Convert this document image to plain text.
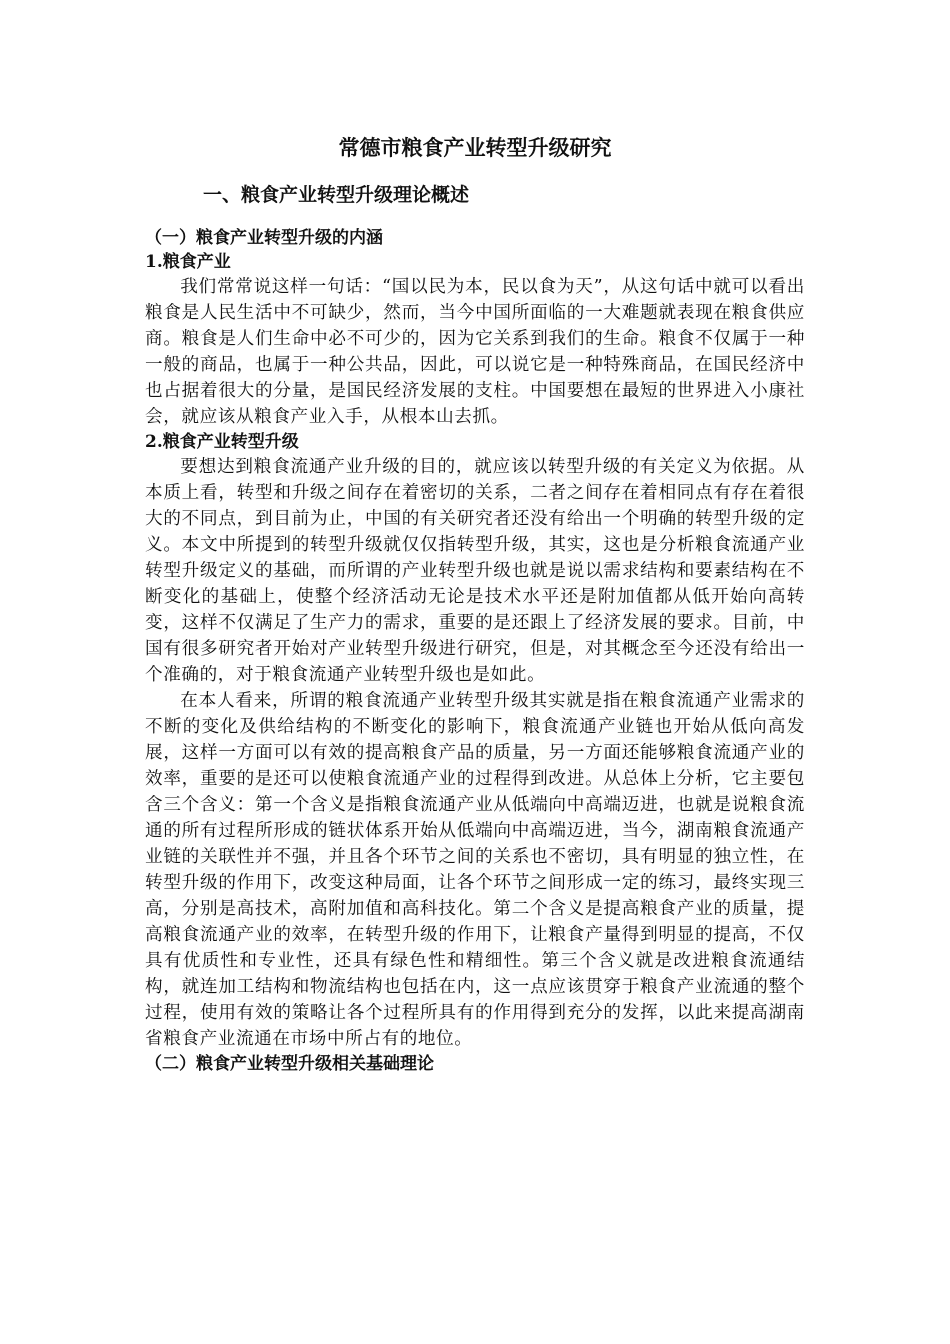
常德市粮食产业转型升级研究
一、粮食产业转型升级理论概述
（一）粮食产业转型升级的内涵
1.粮食产业

我们常常说这样一句话：“国以民为本，民以食为天”，从这句话中就可以看出粮食是人民生活中不可缺少，然而，当今中国所面临的一大难题就表现在粮食供应商。粮食是人们生命中必不可少的，因为它关系到我们的生命。粮食不仅属于一种一般的商品，也属于一种公共品，因此，可以说它是一种特殊商品，在国民经济中也占据着很大的分量，是国民经济发展的支柱。中国要想在最短的世界进入小康社会，就应该从粮食产业入手，从根本山去抓。

2.粮食产业转型升级

要想达到粮食流通产业升级的目的，就应该以转型升级的有关定义为依据。从本质上看，转型和升级之间存在着密切的关系，二者之间存在着相同点有存在着很大的不同点，到目前为止，中国的有关研究者还没有给出一个明确的转型升级的定义。本文中所提到的转型升级就仅仅指转型升级，其实，这也是分析粮食流通产业转型升级定义的基础，而所谓的产业转型升级也就是说以需求结构和要素结构在不断变化的基础上，使整个经济活动无论是技术水平还是附加值都从低开始向高转变，这样不仅满足了生产力的需求，重要的是还跟上了经济发展的要求。目前，中国有很多研究者开始对产业转型升级进行研究，但是，对其概念至今还没有给出一个准确的，对于粮食流通产业转型升级也是如此。

在本人看来，所谓的粮食流通产业转型升级其实就是指在粮食流通产业需求的不断的变化及供给结构的不断变化的影响下，粮食流通产业链也开始从低向高发展，这样一方面可以有效的提高粮食产品的质量，另一方面还能够粮食流通产业的效率，重要的是还可以使粮食流通产业的过程得到改进。从总体上分析，它主要包含三个含义：第一个含义是指粮食流通产业从低端向中高端迈进，也就是说粮食流通的所有过程所形成的链状体系开始从低端向中高端迈进，当今，湖南粮食流通产业链的关联性并不强，并且各个环节之间的关系也不密切，具有明显的独立性，在转型升级的作用下，改变这种局面，让各个环节之间形成一定的练习，最终实现三高，分别是高技术，高附加值和高科技化。第二个含义是提高粮食产业的质量，提高粮食流通产业的效率，在转型升级的作用下，让粮食产量得到明显的提高，不仅具有优质性和专业性，还具有绿色性和精细性。第三个含义就是改进粮食流通结构，就连加工结构和物流结构也包括在内，这一点应该贯穿于粮食产业流通的整个过程，使用有效的策略让各个过程所具有的作用得到充分的发挥，以此来提高湖南省粮食产业流通在市场中所占有的地位。

（二）粮食产业转型升级相关基础理论
